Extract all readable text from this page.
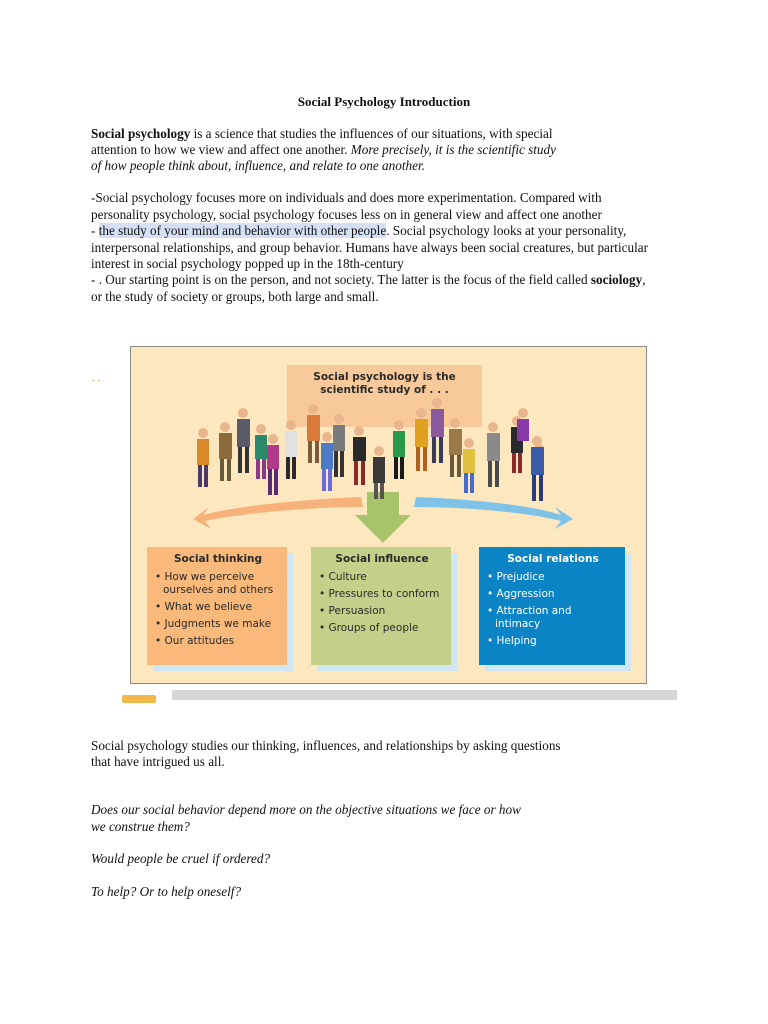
Social Psychology Introduction
Social psychology is a science that studies the influences of our situations, with special
attention to how we view and affect one another. More precisely, it is the scientific study
of how people think about, influence, and relate to one another.
-Social psychology focuses more on individuals and does more experimentation. Compared with
personality psychology, social psychology focuses less on in general view and affect one another
- the study of your mind and behavior with other people. Social psychology looks at your personality,
interpersonal relationships, and group behavior. Humans have always been social creatures, but particular
interest in social psychology popped up in the 18th-century
- . Our starting point is on the person, and not society. The latter is the focus of the field called sociology,
or the study of society or groups, both large and small.
. .	Social psychology is the
scientific study of . . .
Social thinking
• How we perceive ourselves and others
• What we believe
• Judgments we make
• Our attitudes
Social influence
• Culture
• Pressures to conform
• Persuasion
• Groups of people
Social relations
• Prejudice
• Aggression
• Attraction and intimacy
• Helping
Social psychology studies our thinking, influences, and relationships by asking questions
that have intrigued us all.
Does our social behavior depend more on the objective situations we face or how
we construe them?
Would people be cruel if ordered?
To help? Or to help oneself?
